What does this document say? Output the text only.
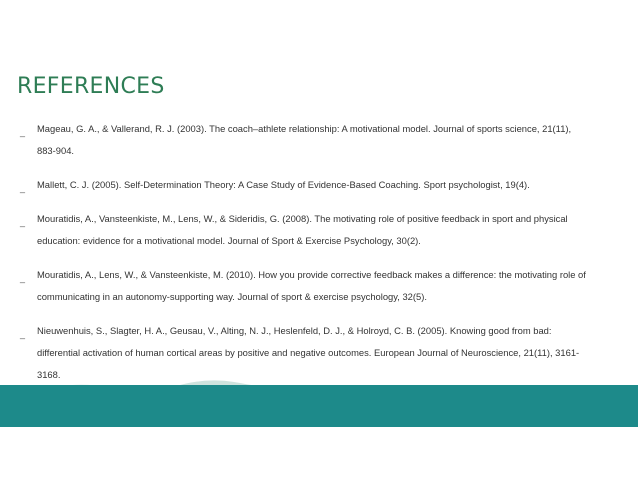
REFERENCES
_	Mageau, G. A., & Vallerand, R. J. (2003). The coach–athlete relationship: A motivational model. Journal of sports science, 21(11), 883-904.
_	Mallett, C. J. (2005). Self-Determination Theory: A Case Study of Evidence-Based Coaching. Sport psychologist, 19(4).
_	Mouratidis, A., Vansteenkiste, M., Lens, W., & Sideridis, G. (2008). The motivating role of positive feedback in sport and physical education: evidence for a motivational model. Journal of Sport & Exercise Psychology, 30(2).
_	Mouratidis, A., Lens, W., & Vansteenkiste, M. (2010). How you provide corrective feedback makes a difference: the motivating role of communicating in an autonomy-supporting way. Journal of sport & exercise psychology, 32(5).
_	Nieuwenhuis, S., Slagter, H. A., Geusau, V., Alting, N. J., Heslenfeld, D. J., & Holroyd, C. B. (2005). Knowing good from bad: differential activation of human cortical areas by positive and negative outcomes. European Journal of Neuroscience, 21(11), 3161-3168.
